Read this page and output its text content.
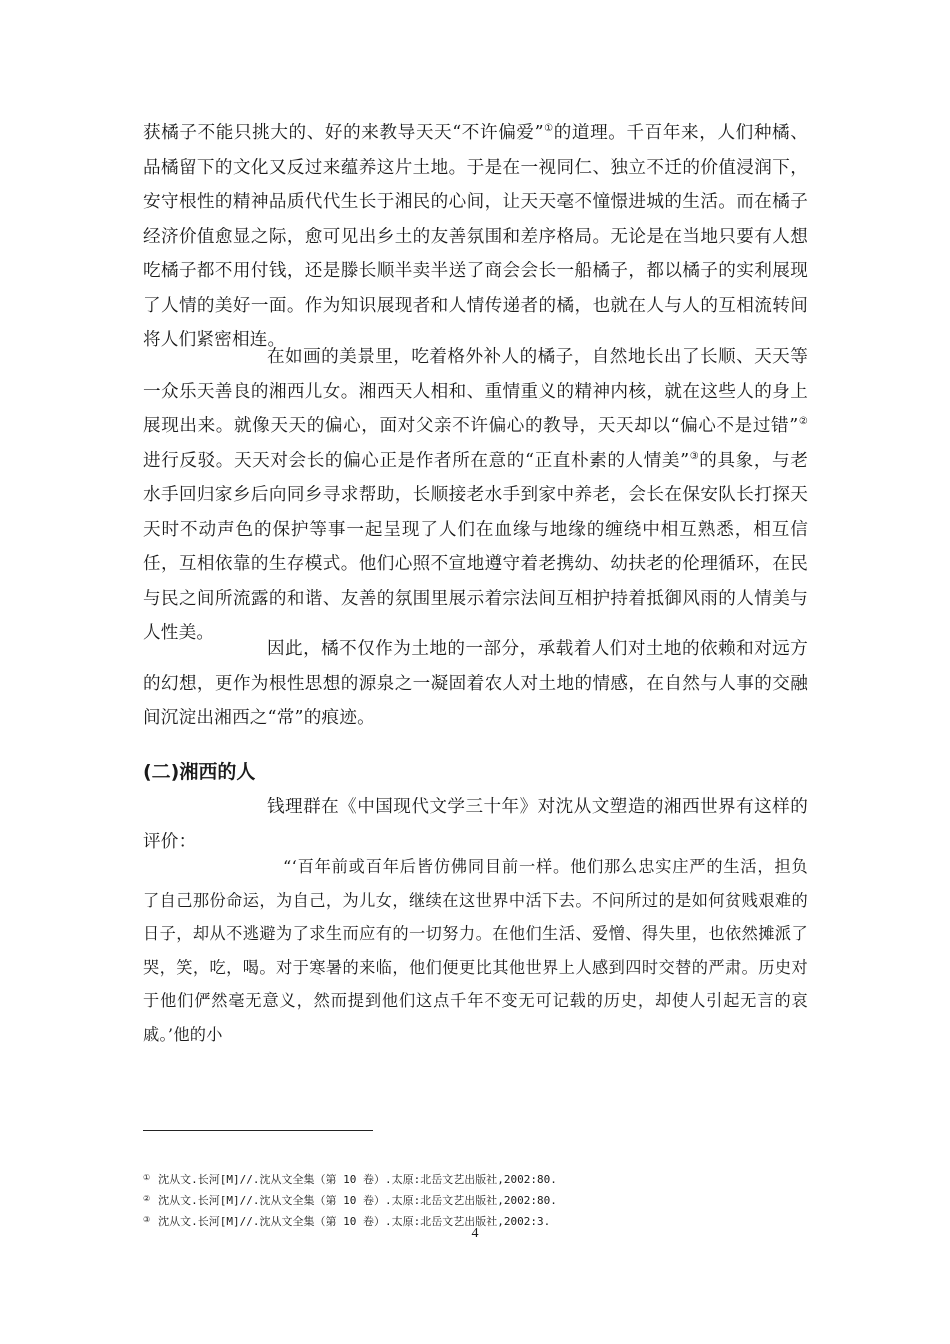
获橘子不能只挑大的、好的来教导天天“不许偏爱”①的道理。千百年来，人们种橘、品橘留下的文化又反过来蕴养这片土地。于是在一视同仁、独立不迁的价值浸润下，安守根性的精神品质代代生长于湘民的心间，让天天毫不憧憬进城的生活。而在橘子经济价值愈显之际，愈可见出乡土的友善氛围和差序格局。无论是在当地只要有人想吃橘子都不用付钱，还是滕长顺半卖半送了商会会长一船橘子，都以橘子的实利展现了人情的美好一面。作为知识展现者和人情传递者的橘，也就在人与人的互相流转间将人们紧密相连。

在如画的美景里，吃着格外补人的橘子，自然地长出了长顺、天天等一众乐天善良的湘西儿女。湘西天人相和、重情重义的精神内核，就在这些人的身上展现出来。就像天天的偏心，面对父亲不许偏心的教导，天天却以“偏心不是过错”②进行反驳。天天对会长的偏心正是作者所在意的“正直朴素的人情美”③的具象，与老水手回归家乡后向同乡寻求帮助，长顺接老水手到家中养老，会长在保安队长打探天天时不动声色的保护等事一起呈现了人们在血缘与地缘的缠绕中相互熟悉，相互信任，互相依靠的生存模式。他们心照不宣地遵守着老携幼、幼扶老的伦理循环，在民与民之间所流露的和谐、友善的氛围里展示着宗法间互相护持着抵御风雨的人情美与人性美。

因此，橘不仅作为土地的一部分，承载着人们对土地的依赖和对远方的幻想，更作为根性思想的源泉之一凝固着农人对土地的情感，在自然与人事的交融间沉淀出湘西之“常”的痕迹。

(二)湘西的人

钱理群在《中国现代文学三十年》对沈从文塑造的湘西世界有这样的评价：

“‘百年前或百年后皆仿佛同目前一样。他们那么忠实庄严的生活，担负了自己那份命运，为自己，为儿女，继续在这世界中活下去。不问所过的是如何贫贱艰难的日子，却从不逃避为了求生而应有的一切努力。在他们生活、爱憎、得失里，也依然摊派了哭，笑，吃，喝。对于寒暑的来临，他们便更比其他世界上人感到四时交替的严肃。历史对于他们俨然毫无意义，然而提到他们这点千年不变无可记载的历史，却使人引起无言的哀戚。’他的小

① 沈从文.长河[M]//.沈从文全集（第 10 卷）.太原:北岳文艺出版社,2002:80.
② 沈从文.长河[M]//.沈从文全集（第 10 卷）.太原:北岳文艺出版社,2002:80.
③ 沈从文.长河[M]//.沈从文全集（第 10 卷）.太原:北岳文艺出版社,2002:3.
4
